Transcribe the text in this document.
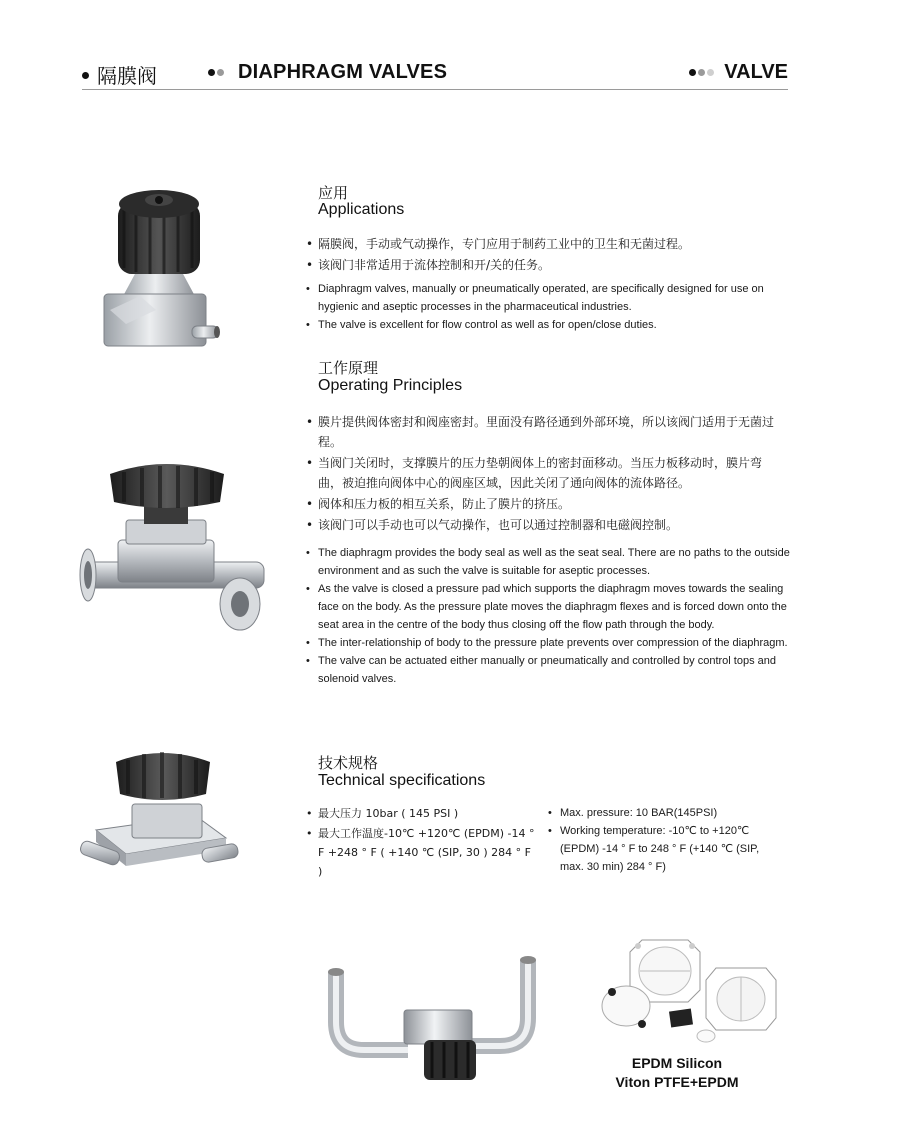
隔膜阀	DIAPHRAGM VALVES	VALVE
应用
Applications
• 隔膜阀，手动或气动操作，专门应用于制药工业中的卫生和无菌过程。
• 该阀门非常适用于流体控制和开/关的任务。
• Diaphragm valves, manually or pneumatically operated, are specifically designed for use on hygienic and aseptic processes in the pharmaceutical industries.
• The valve is excellent for flow control as well as for open/close duties.
工作原理
Operating Principles
• 膜片提供阀体密封和阀座密封。里面没有路径通到外部环境，所以该阀门适用于无菌过程。
• 当阀门关闭时，支撑膜片的压力垫朝阀体上的密封面移动。当压力板移动时，膜片弯曲，被迫推向阀体中心的阀座区域，因此关闭了通向阀体的流体路径。
• 阀体和压力板的相互关系，防止了膜片的挤压。
• 该阀门可以手动也可以气动操作，也可以通过控制器和电磁阀控制。
• The diaphragm provides the body seal as well as the seat seal. There are no paths to the outside environment and as such the valve is suitable for aseptic processes.
• As the valve is closed a pressure pad which supports the diaphragm moves towards the sealing face on the body. As the pressure plate moves the diaphragm flexes and is forced down onto the seat area in the centre of the body thus closing off the flow path through the body.
• The inter-relationship of body to the pressure plate prevents over compression of the diaphragm.
• The valve can be actuated either manually or pneumatically and controlled by control tops and solenoid valves.
技术规格
Technical specifications
• 最大压力 10bar ( 145 PSI )
• 最大工作温度-10℃ +120℃ (EPDM) -14 ° F +248 ° F ( +140 ℃ (SIP, 30 ) 284 ° F )
• Max. pressure: 10 BAR(145PSI)
• Working temperature: -10℃ to +120℃ (EPDM) -14 ° F to 248 ° F (+140 ℃ (SIP, max. 30 min) 284 ° F)
EPDM Silicon
Viton PTFE+EPDM
